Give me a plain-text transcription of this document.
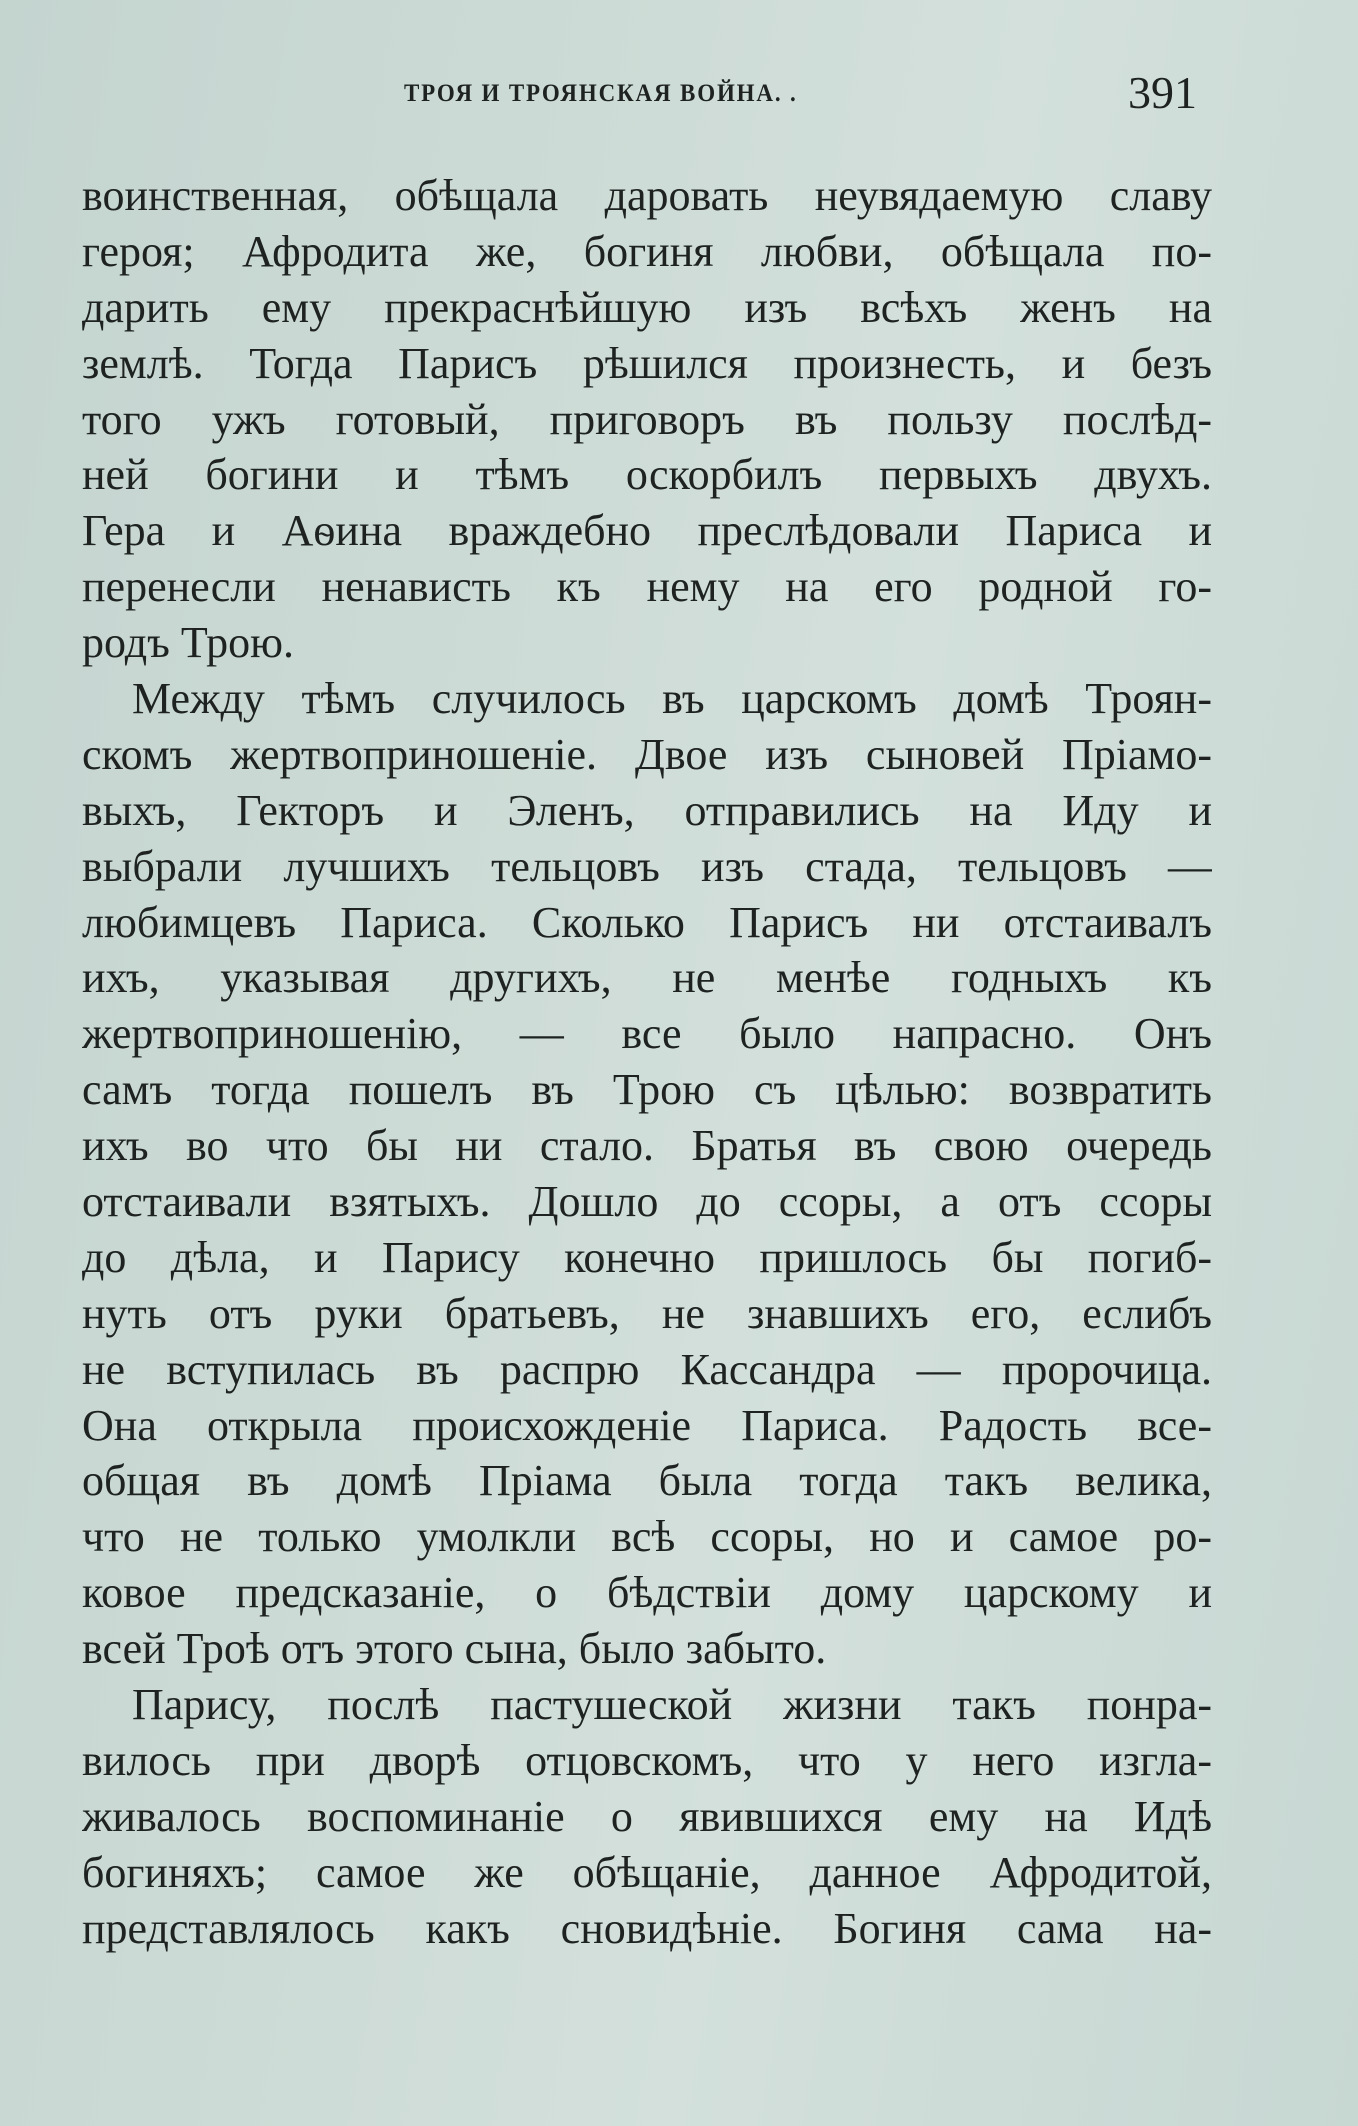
ТРОЯ И ТРОЯНСКАЯ ВОЙНА. .	391
воинственная, обѣщала даровать неувядаемую славу
героя; Афродита же, богиня любви, обѣщала по-
дарить ему прекраснѣйшую изъ всѣхъ женъ на
землѣ. Тогда Парисъ рѣшился произнесть, и безъ
того ужъ готовый, приговоръ въ пользу послѣд-
ней богини и тѣмъ оскорбилъ первыхъ двухъ.
Гера и Аѳина враждебно преслѣдовали Париса и
перенесли ненависть къ нему на его родной го-
родъ Трою.
Между тѣмъ случилось въ царскомъ домѣ Троян-
скомъ жертвоприношеніе. Двое изъ сыновей Пріамо-
выхъ, Гекторъ и Эленъ, отправились на Иду и
выбрали лучшихъ тельцовъ изъ стада, тельцовъ —
любимцевъ Париса. Сколько Парисъ ни отстаивалъ
ихъ, указывая другихъ, не менѣе годныхъ къ
жертвоприношенію, — все было напрасно. Онъ
самъ тогда пошелъ въ Трою съ цѣлью: возвратить
ихъ во что бы ни стало. Братья въ свою очередь
отстаивали взятыхъ. Дошло до ссоры, а отъ ссоры
до дѣла, и Парису конечно пришлось бы погиб-
нуть отъ руки братьевъ, не знавшихъ его, еслибъ
не вступилась въ распрю Кассандра — пророчица.
Она открыла происхожденіе Париса. Радость все-
общая въ домѣ Пріама была тогда такъ велика,
что не только умолкли всѣ ссоры, но и самое ро-
ковое предсказаніе, о бѣдствіи дому царскому и
всей Троѣ отъ этого сына, было забыто.
Парису, послѣ пастушеской жизни такъ понра-
вилось при дворѣ отцовскомъ, что у него изгла-
живалось воспоминаніе о явившихся ему на Идѣ
богиняхъ; самое же обѣщаніе, данное Афродитой,
представлялось какъ сновидѣніе. Богиня сама на-
